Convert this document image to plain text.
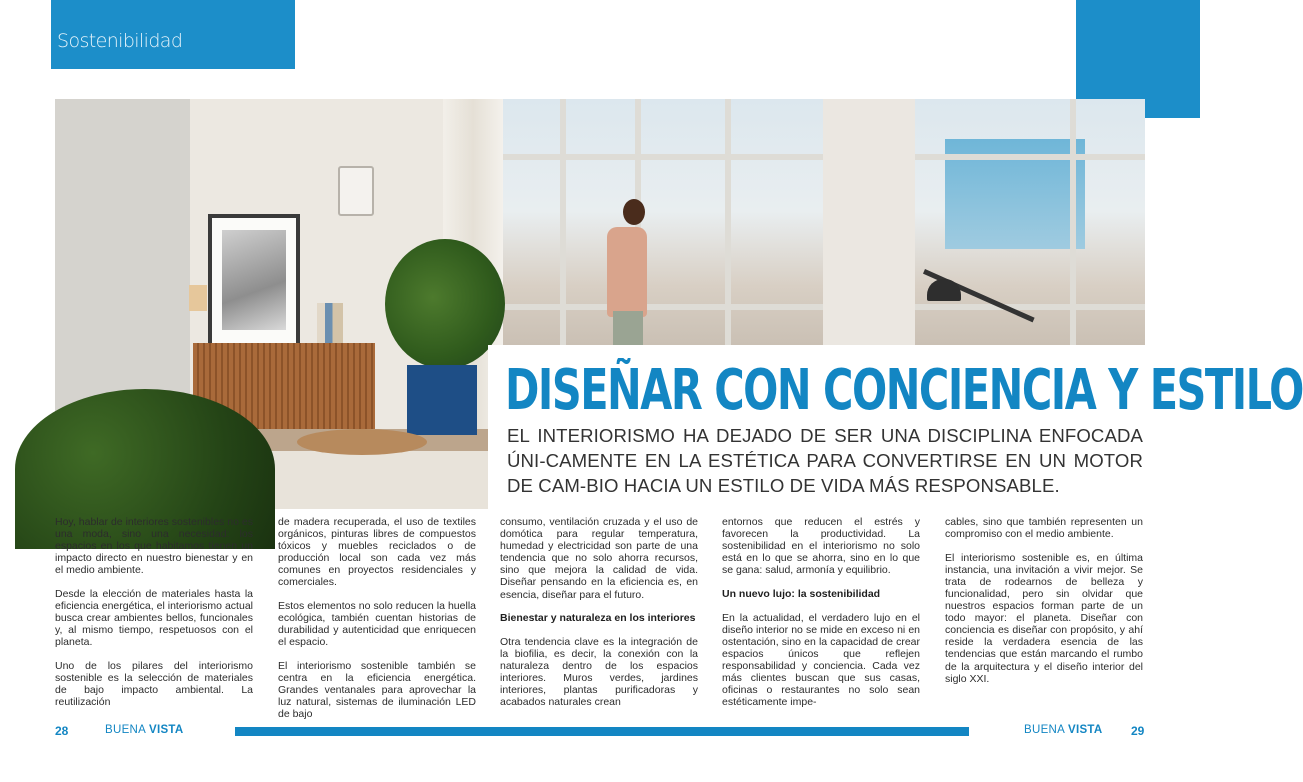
Sostenibilidad
DISEÑAR CON CONCIENCIA Y ESTILO

EL INTERIORISMO HA DEJADO DE SER UNA DISCIPLINA ENFOCADA ÚNI-CAMENTE EN LA ESTÉTICA PARA CONVERTIRSE EN UN MOTOR DE CAM-BIO HACIA UN ESTILO DE VIDA MÁS RESPONSABLE.

Hoy, hablar de interiores sostenibles no es una moda, sino una necesidad: los espacios en los que habitamos tienen un impacto directo en nuestro bienestar y en el medio ambiente.

Desde la elección de materiales hasta la eficiencia energética, el interiorismo actual busca crear ambientes bellos, funcionales y, al mismo tiempo, respetuosos con el planeta.

Uno de los pilares del interiorismo sostenible es la selección de materiales de bajo impacto ambiental. La reutilización

de madera recuperada, el uso de textiles orgánicos, pinturas libres de compuestos tóxicos y muebles reciclados o de producción local son cada vez más comunes en proyectos residenciales y comerciales.

Estos elementos no solo reducen la huella ecológica, también cuentan historias de durabilidad y autenticidad que enriquecen el espacio.

El interiorismo sostenible también se centra en la eficiencia energética. Grandes ventanales para aprovechar la luz natural, sistemas de iluminación LED de bajo

consumo, ventilación cruzada y el uso de domótica para regular temperatura, humedad y electricidad son parte de una tendencia que no solo ahorra recursos, sino que mejora la calidad de vida. Diseñar pensando en la eficiencia es, en esencia, diseñar para el futuro.

Bienestar y naturaleza en los interiores

Otra tendencia clave es la integración de la biofilia, es decir, la conexión con la naturaleza dentro de los espacios interiores. Muros verdes, jardines interiores, plantas purificadoras y acabados naturales crean

entornos que reducen el estrés y favorecen la productividad. La sostenibilidad en el interiorismo no solo está en lo que se ahorra, sino en lo que se gana: salud, armonía y equilibrio.

Un nuevo lujo: la sostenibilidad

En la actualidad, el verdadero lujo en el diseño interior no se mide en exceso ni en ostentación, sino en la capacidad de crear espacios únicos que reflejen responsabilidad y conciencia. Cada vez más clientes buscan que sus casas, oficinas o restaurantes no solo sean estéticamente impe-

cables, sino que también representen un compromiso con el medio ambiente.

El interiorismo sostenible es, en última instancia, una invitación a vivir mejor. Se trata de rodearnos de belleza y funcionalidad, pero sin olvidar que nuestros espacios forman parte de un todo mayor: el planeta. Diseñar con conciencia es diseñar con propósito, y ahí reside la verdadera esencia de las tendencias que están marcando el rumbo de la arquitectura y el diseño interior del siglo XXI.

28	BUENA VISTA	BUENA VISTA 29
